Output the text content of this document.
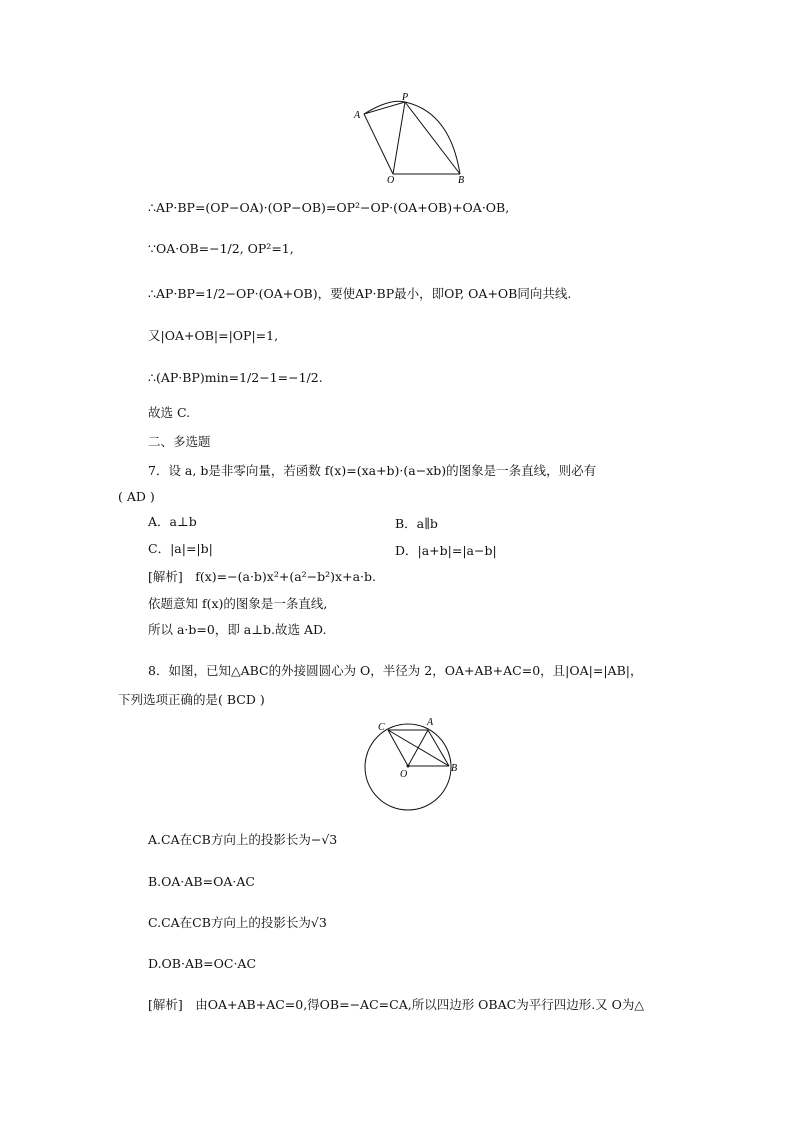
A
P
O	B
∴AP·BP=(OP−OA)·(OP−OB)=OP²−OP·(OA+OB)+OA·OB,
∵OA·OB=−1/2, OP²=1,
∴AP·BP=1/2−OP·(OA+OB)，要使AP·BP最小，即OP, OA+OB同向共线.
又|OA+OB|=|OP|=1,
∴(AP·BP)min=1/2−1=−1/2.
故选 C.
二、多选题
7．设 a, b是非零向量，若函数 f(x)=(xa+b)·(a−xb)的图象是一条直线，则必有
( AD )
A．a⊥b	B．a∥b
C．|a|=|b|	D．|a+b|=|a−b|
[解析]　f(x)=−(a·b)x²+(a²−b²)x+a·b.
依题意知 f(x)的图象是一条直线,
所以 a·b=0，即 a⊥b.故选 AD.
8．如图，已知△ABC的外接圆圆心为 O，半径为 2，OA+AB+AC=0，且|OA|=|AB|，
下列选项正确的是( BCD )
C	A
O
B
A.CA在CB方向上的投影长为−√3
B.OA·AB=OA·AC
C.CA在CB方向上的投影长为√3
D.OB·AB=OC·AC
[解析]　由OA+AB+AC=0,得OB=−AC=CA,所以四边形 OBAC为平行四边形.又 O为△
